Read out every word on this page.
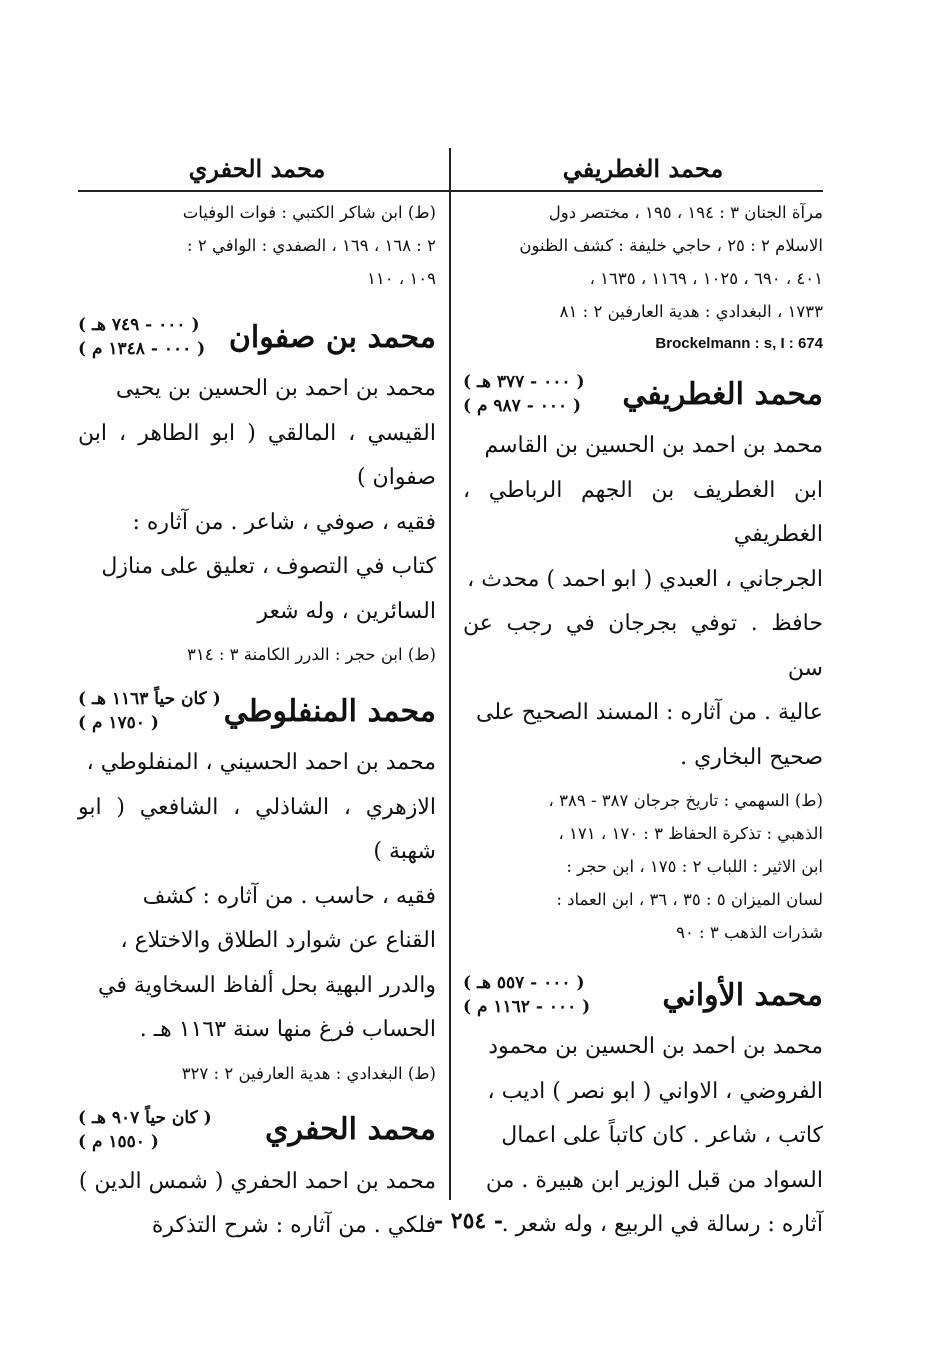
محمد الغطريفي

مرآة الجنان ٣ : ١٩٤ ، ١٩٥ ، مختصر دول

الاسلام ٢ : ٢٥ ، حاجي خليفة : كشف الظنون

٤٠١ ، ٦٩٠ ، ١٠٢٥ ، ١١٦٩ ، ١٦٣٥ ،

١٧٣٣ ، البغدادي : هدية العارفين ٢ : ٨١

Brockelmann : s, I : 674

محمد الغطريفي
( ٠٠٠ - ٣٧٧ هـ )
( ٠٠٠ - ٩٨٧ م )

محمد بن احمد بن الحسين بن القاسم

ابن الغطريف بن الجهم الرباطي ، الغطريفي

الجرجاني ، العبدي ( ابو احمد ) محدث ،

حافظ . توفي بجرجان في رجب عن سن

عالية . من آثاره : المسند الصحيح على

صحيح البخاري .

(ط) السهمي : تاريخ جرجان ٣٨٧ - ٣٨٩ ،

الذهبي : تذكرة الحفاظ ٣ : ١٧٠ ، ١٧١ ،

ابن الاثير : اللباب ٢ : ١٧٥ ، ابن حجر :

لسان الميزان ٥ : ٣٥ ، ٣٦ ، ابن العماد :

شذرات الذهب ٣ : ٩٠

محمد الأواني
( ٠٠٠ - ٥٥٧ هـ )
( ٠٠٠ - ١١٦٢ م )

محمد بن احمد بن الحسين بن محمود

الفروضي ، الاواني ( ابو نصر ) اديب ،

كاتب ، شاعر . كان كاتباً على اعمال

السواد من قبل الوزير ابن هبيرة . من

آثاره : رسالة في الربيع ، وله شعر .

محمد الحفري

(ط) ابن شاكر الكتبي : فوات الوفيات

٢ : ١٦٨ ، ١٦٩ ، الصفدي : الوافي ٢ :

١٠٩ ، ١١٠

محمد بن صفوان
( ٠٠٠ - ٧٤٩ هـ )
( ٠٠٠ - ١٣٤٨ م )

محمد بن احمد بن الحسين بن يحيى

القيسي ، المالقي ( ابو الطاهر ، ابن صفوان )

فقيه ، صوفي ، شاعر . من آثاره :

كتاب في التصوف ، تعليق على منازل

السائرين ، وله شعر

(ط) ابن حجر : الدرر الكامنة ٣ : ٣١٤

محمد المنفلوطي
( كان حياً ١١٦٣ هـ )
( ١٧٥٠ م )

محمد بن احمد الحسيني ، المنفلوطي ،

الازهري ، الشاذلي ، الشافعي ( ابو شهبة )

فقيه ، حاسب . من آثاره : كشف

القناع عن شوارد الطلاق والاختلاع ،

والدرر البهية بحل ألفاظ السخاوية في

الحساب فرغ منها سنة ١١٦٣ هـ .

(ط) البغدادي : هدية العارفين ٢ : ٣٢٧

محمد الحفري
( كان حياً ٩٠٧ هـ )
( ١٥٥٠ م )

محمد بن احمد الحفري ( شمس الدين )

فلكي . من آثاره : شرح التذكرة

- ٢٥٤ -
